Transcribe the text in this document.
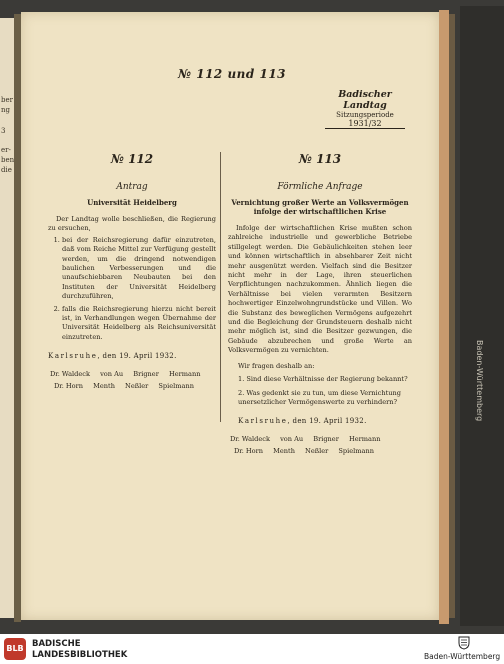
ber
ng
3
er-
ben
die
№ 112 und 113
Badischer Landtag
Sitzungsperiode
1931/32
№ 112
Antrag
Universität Heidelberg

Der Landtag wolle beschließen, die Regierung zu ersuchen,

1. bei der Reichsregierung dafür einzutreten, daß vom Reiche Mittel zur Verfügung gestellt werden, um die dringend notwendigen baulichen Verbesserungen und die unaufschiebbaren Neubauten bei den Instituten der Universität Heidelberg durchzuführen,
2. falls die Reichsregierung hierzu nicht bereit ist, in Verhandlungen wegen Übernahme der Universität Heidelberg als Reichsuniversität einzutreten.
Karlsruhe, den 19. April 1932.
Dr. Waldeck von Au Brigner Hermann
Dr. Horn Menth Neßler Spielmann
№ 113
Förmliche Anfrage
Vernichtung großer Werte an Volksvermögen infolge der wirtschaftlichen Krise

Infolge der wirtschaftlichen Krise mußten schon zahlreiche industrielle und gewerbliche Betriebe stillgelegt werden. Die Gebäulichkeiten stehen leer und können wirtschaftlich in absehbarer Zeit nicht mehr ausgenützt werden. Vielfach sind die Besitzer nicht mehr in der Lage, ihren steuerlichen Verpflichtungen nachzukommen. Ähnlich liegen die Verhältnisse bei vielen verarmten Besitzern hochwertiger Einzelwohngrundstücke und Villen. Wo die Substanz des beweglichen Vermögens aufgezehrt und die Begleichung der Grundsteuern deshalb nicht mehr möglich ist, sind die Besitzer gezwungen, die Gebäude abzubrechen und große Werte an Volksvermögen zu vernichten.

Wir fragen deshalb an:
1. Sind diese Verhältnisse der Regierung bekannt?
2. Was gedenkt sie zu tun, um diese Vernichtung unersetzlicher Vermögenswerte zu verhindern?
Karlsruhe, den 19. April 1932.
Dr. Waldeck von Au Brigner Hermann
Dr. Horn Menth Neßler Spielmann
Baden-Württemberg
BLB BADISCHE
LANDESBIBLIOTHEK	Baden-Württemberg
